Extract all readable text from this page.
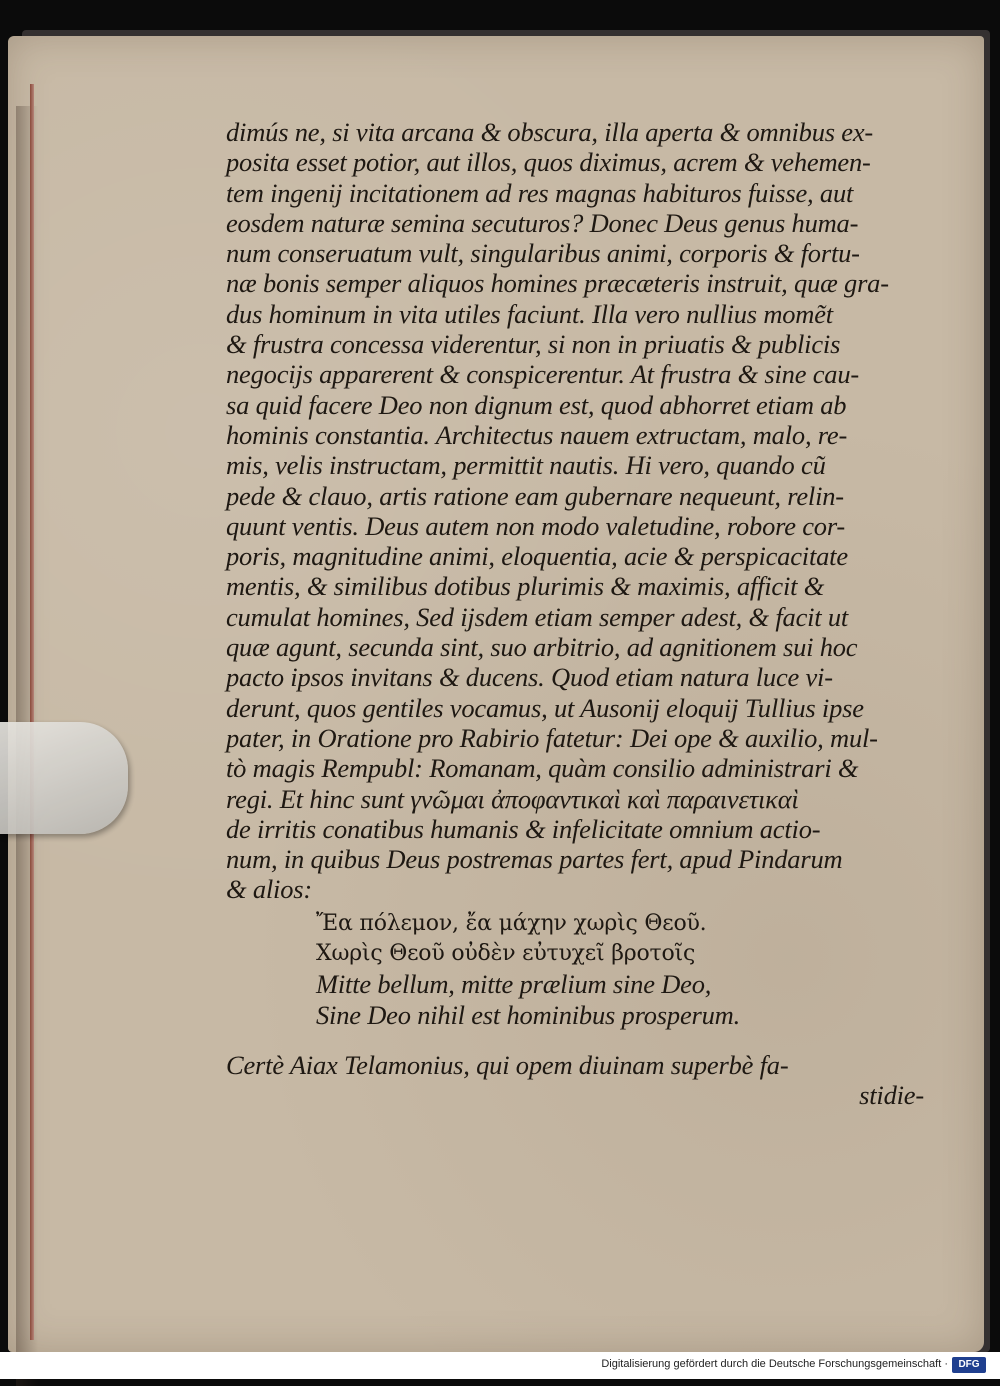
dimús ne, si vita arcana & obscura, illa aperta & omnibus ex-
posita esset potior, aut illos, quos diximus, acrem & vehemen-
tem ingenij incitationem ad res magnas habituros fuisse, aut
eosdem naturæ semina secuturos? Donec Deus genus huma-
num conseruatum vult, singularibus animi, corporis & fortu-
næ bonis semper aliquos homines præcæteris instruit, quæ gra-
dus hominum in vita utiles faciunt. Illa vero nullius momẽt
& frustra concessa viderentur, si non in priuatis & publicis
negocijs apparerent & conspicerentur. At frustra & sine cau-
sa quid facere Deo non dignum est, quod abhorret etiam ab
hominis constantia. Architectus nauem extructam, malo, re-
mis, velis instructam, permittit nautis. Hi vero, quando cũ
pede & clauo, artis ratione eam gubernare nequeunt, relin-
quunt ventis. Deus autem non modo valetudine, robore cor-
poris, magnitudine animi, eloquentia, acie & perspicacitate
mentis, & similibus dotibus plurimis & maximis, afficit &
cumulat homines, Sed ijsdem etiam semper adest, & facit ut
quæ agunt, secunda sint, suo arbitrio, ad agnitionem sui hoc
pacto ipsos invitans & ducens. Quod etiam natura luce vi-
derunt, quos gentiles vocamus, ut Ausonij eloquij Tullius ipse
pater, in Oratione pro Rabirio fatetur: Dei ope & auxilio, mul-
tò magis Rempubl: Romanam, quàm consilio administrari &
regi. Et hinc sunt γνῶμαι ἀποφαντικαὶ καὶ παραινετικαὶ
de irritis conatibus humanis & infelicitate omnium actio-
num, in quibus Deus postremas partes fert, apud Pindarum
& alios:
Ἔα πόλεμον, ἔα μάχην χωρὶς Θεοῦ.
Χωρὶς Θεοῦ οὐδὲν εὐτυχεῖ βροτοῖς
Mitte bellum, mitte prælium sine Deo,
Sine Deo nihil est hominibus prosperum.
Certè Aiax Telamonius, qui opem diuinam superbè fa-
stidie-
Digitalisierung gefördert durch die Deutsche Forschungsgemeinschaft ·	DFG
